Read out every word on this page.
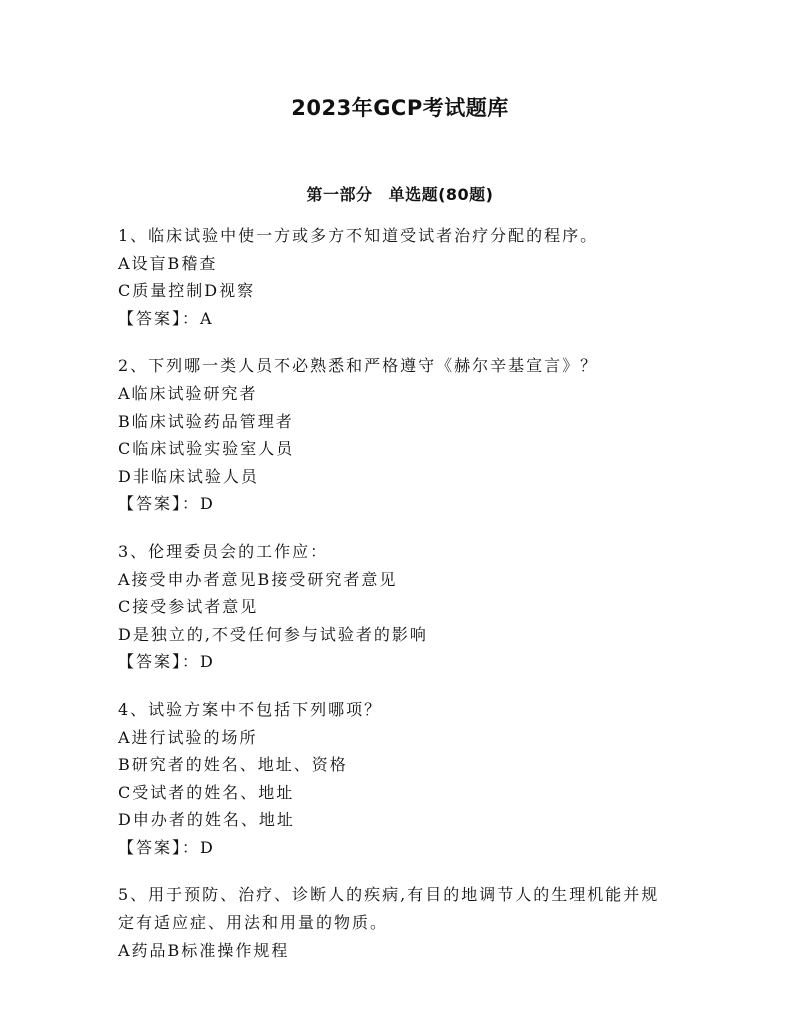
2023年GCP考试题库
第一部分 单选题(80题)
1、临床试验中使一方或多方不知道受试者治疗分配的程序。
A设盲B稽查
C质量控制D视察
【答案】：A
2、下列哪一类人员不必熟悉和严格遵守《赫尔辛基宣言》？
A临床试验研究者
B临床试验药品管理者
C临床试验实验室人员
D非临床试验人员
【答案】：D
3、伦理委员会的工作应：
A接受申办者意见B接受研究者意见
C接受参试者意见
D是独立的,不受任何参与试验者的影响
【答案】：D
4、试验方案中不包括下列哪项？
A进行试验的场所
B研究者的姓名、地址、资格
C受试者的姓名、地址
D申办者的姓名、地址
【答案】：D
5、用于预防、治疗、诊断人的疾病,有目的地调节人的生理机能并规
定有适应症、用法和用量的物质。
A药品B标准操作规程
